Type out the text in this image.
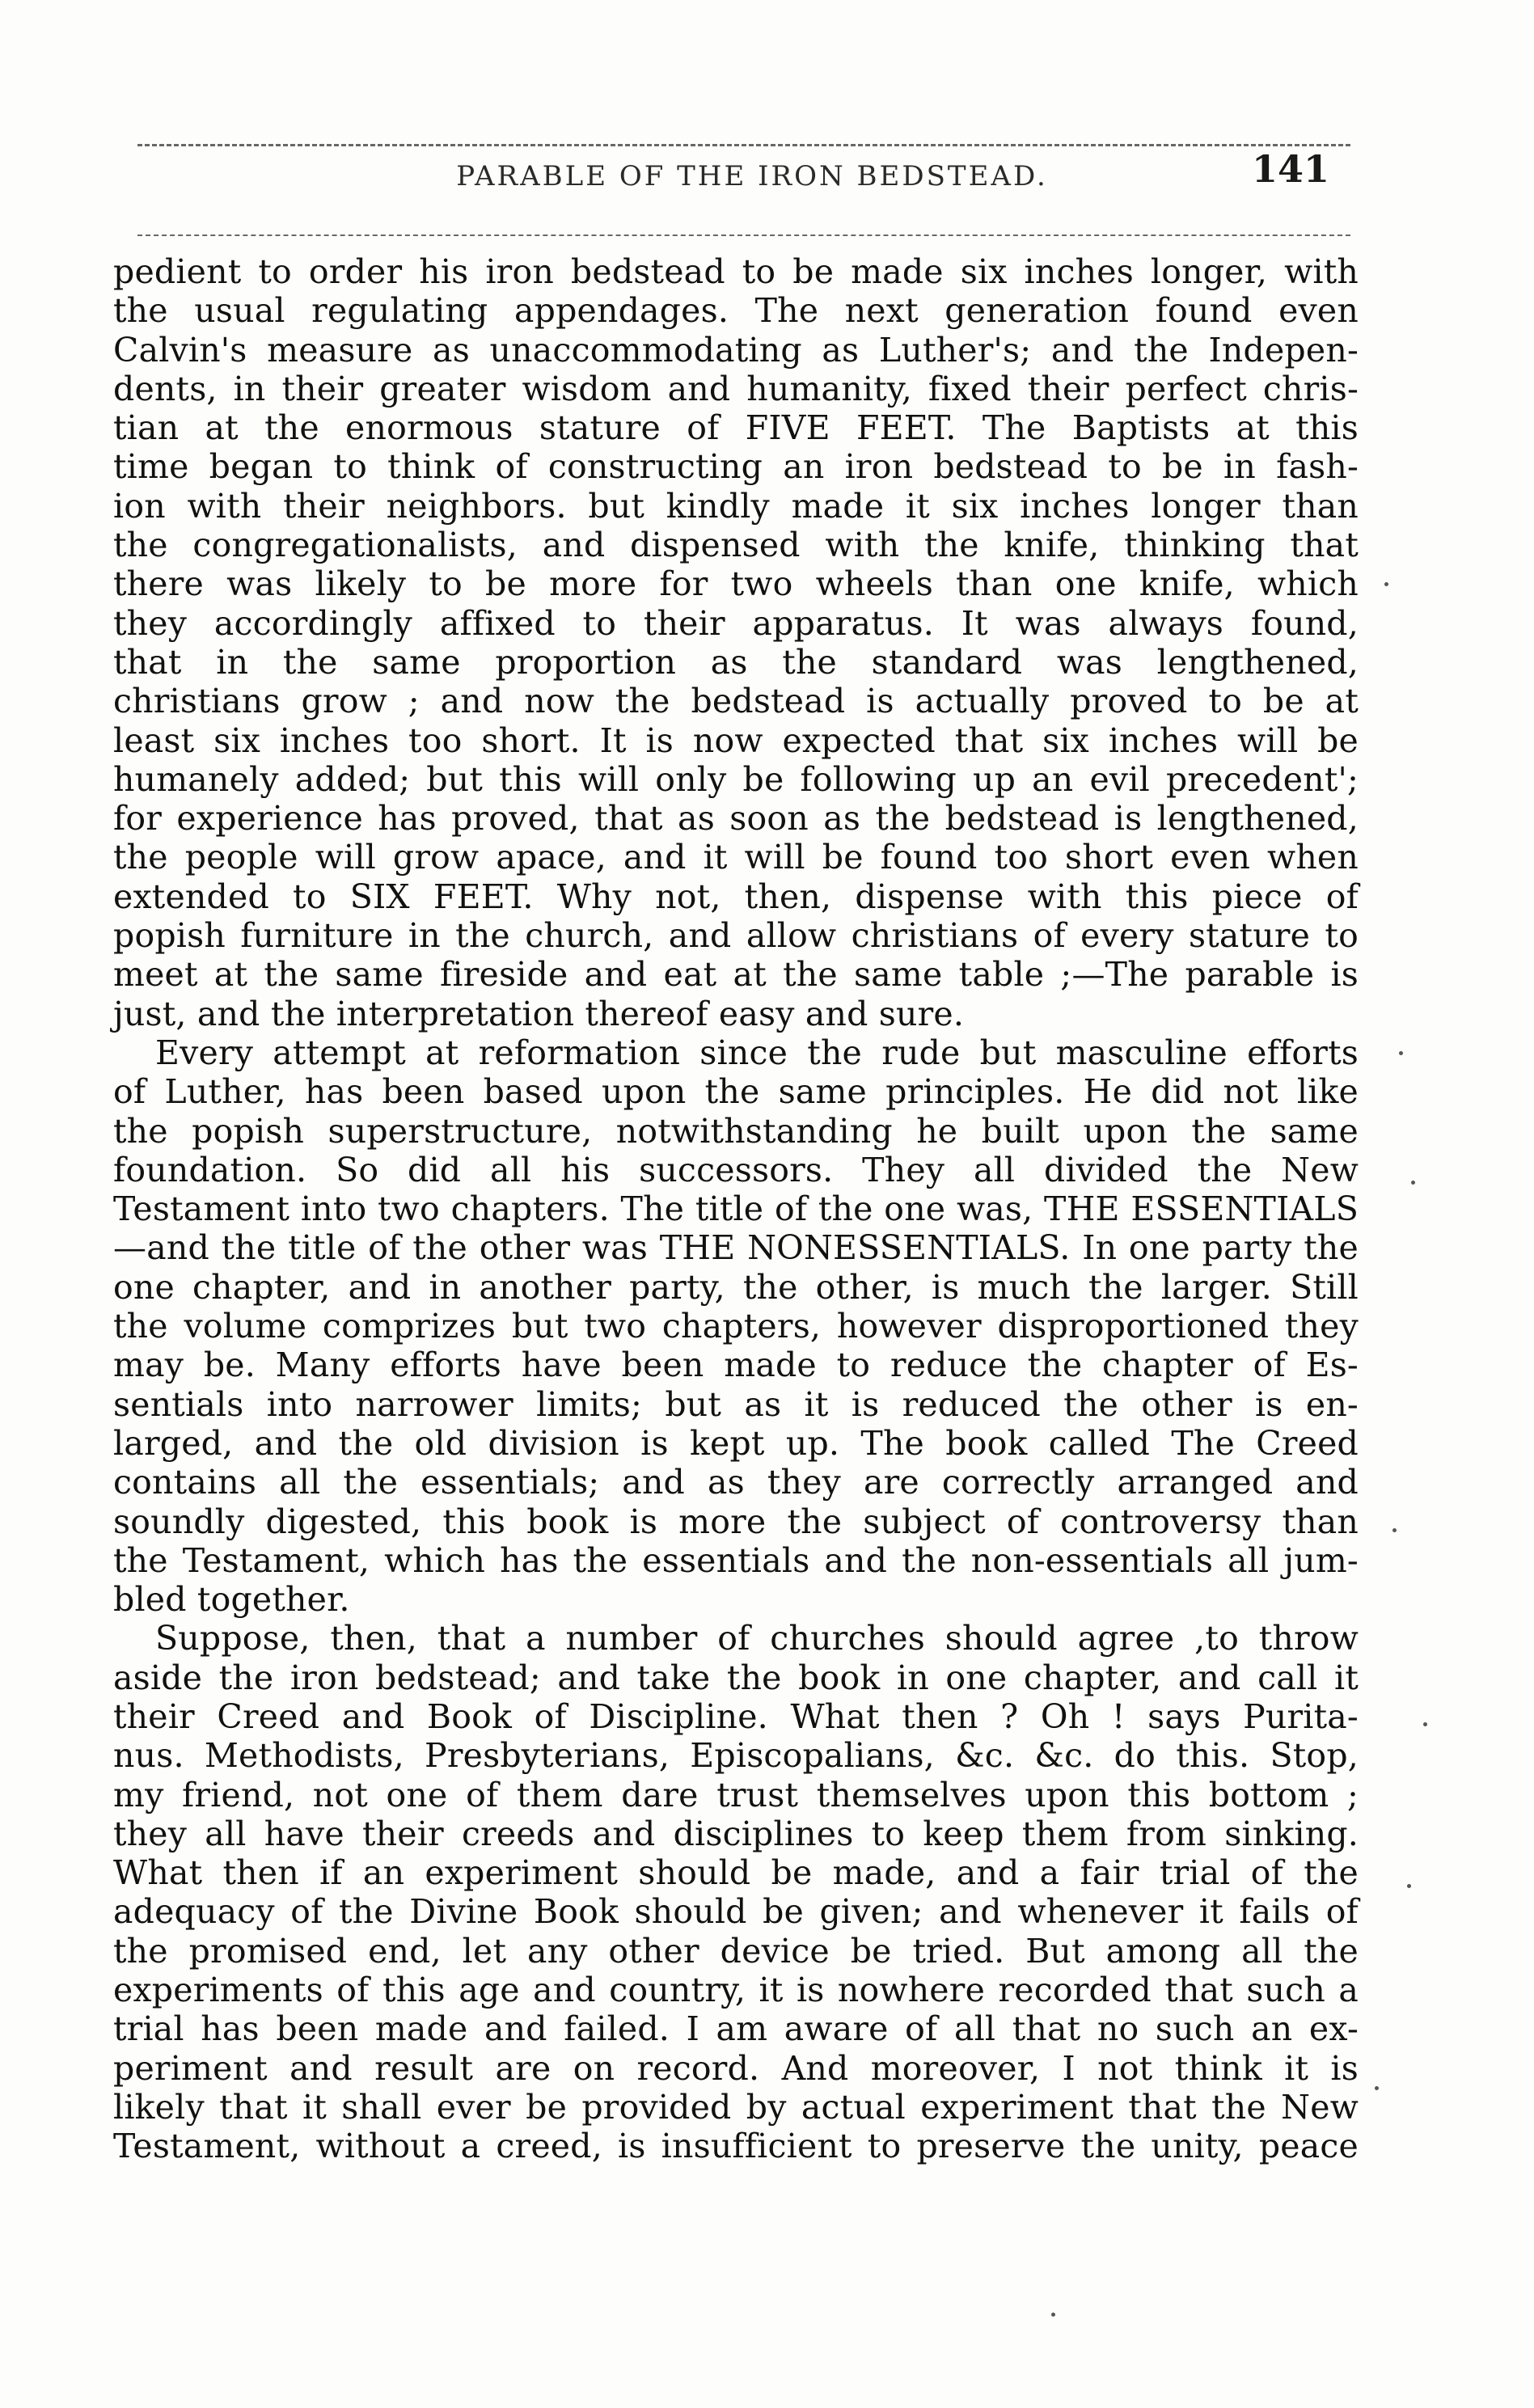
PARABLE OF THE IRON BEDSTEAD.	141
pedient to order his iron bedstead to be made six inches longer, with
the usual regulating appendages. The next generation found even
Calvin's measure as unaccommodating as Luther's; and the Indepen-
dents, in their greater wisdom and humanity, fixed their perfect chris-
tian at the enormous stature of FIVE FEET. The Baptists at this
time began to think of constructing an iron bedstead to be in fash-
ion with their neighbors. but kindly made it six inches longer than
the congregationalists, and dispensed with the knife, thinking that
there was likely to be more for two wheels than one knife, which
they accordingly affixed to their apparatus. It was always found,
that in the same proportion as the standard was lengthened,
christians grow ; and now the bedstead is actually proved to be at
least six inches too short. It is now expected that six inches will be
humanely added; but this will only be following up an evil precedent';
for experience has proved, that as soon as the bedstead is lengthened,
the people will grow apace, and it will be found too short even when
extended to SIX FEET. Why not, then, dispense with this piece of
popish furniture in the church, and allow christians of every stature to
meet at the same fireside and eat at the same table ;—The parable is
just, and the interpretation thereof easy and sure.
Every attempt at reformation since the rude but masculine efforts
of Luther, has been based upon the same principles. He did not like
the popish superstructure, notwithstanding he built upon the same
foundation. So did all his successors. They all divided the New
Testament into two chapters. The title of the one was, THE ESSENTIALS
—and the title of the other was THE NONESSENTIALS. In one party the
one chapter, and in another party, the other, is much the larger. Still
the volume comprizes but two chapters, however disproportioned they
may be. Many efforts have been made to reduce the chapter of Es-
sentials into narrower limits; but as it is reduced the other is en-
larged, and the old division is kept up. The book called The Creed
contains all the essentials; and as they are correctly arranged and
soundly digested, this book is more the subject of controversy than
the Testament, which has the essentials and the non-essentials all jum-
bled together.
Suppose, then, that a number of churches should agree ,to throw
aside the iron bedstead; and take the book in one chapter, and call it
their Creed and Book of Discipline. What then ? Oh ! says Purita-
nus. Methodists, Presbyterians, Episcopalians, &c. &c. do this. Stop,
my friend, not one of them dare trust themselves upon this bottom ;
they all have their creeds and disciplines to keep them from sinking.
What then if an experiment should be made, and a fair trial of the
adequacy of the Divine Book should be given; and whenever it fails of
the promised end, let any other device be tried. But among all the
experiments of this age and country, it is nowhere recorded that such a
trial has been made and failed. I am aware of all that no such an ex-
periment and result are on record. And moreover, I not think it is
likely that it shall ever be provided by actual experiment that the New
Testament, without a creed, is insufficient to preserve the unity, peace
